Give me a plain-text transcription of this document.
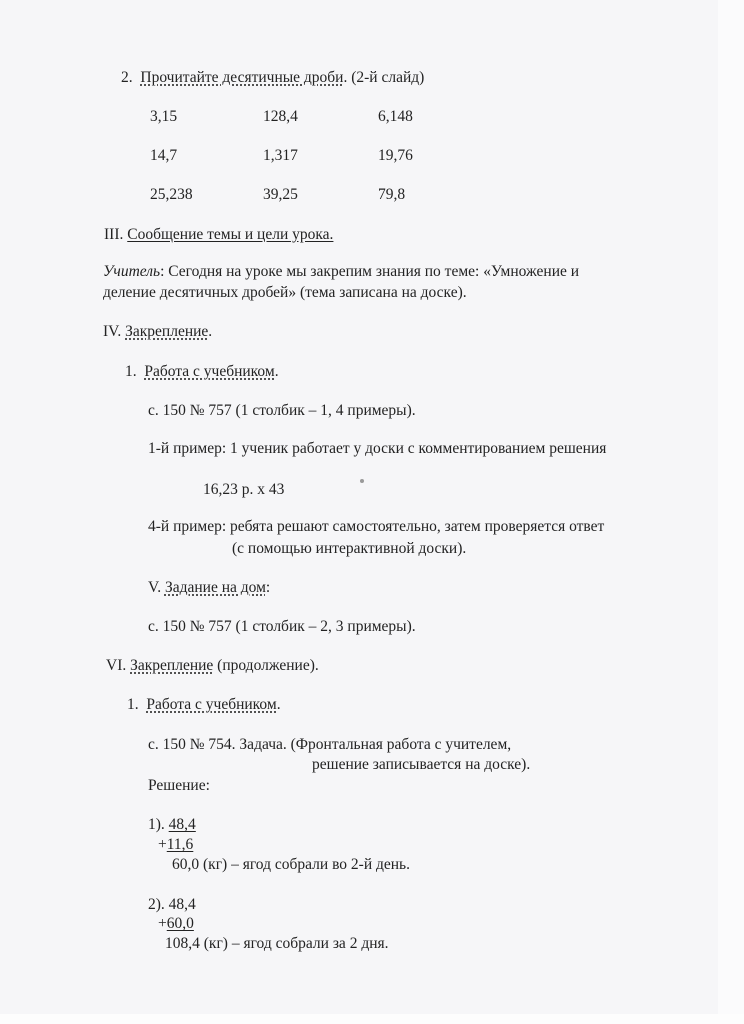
2. Прочитайте десятичные дроби. (2-й слайд)
3,15	128,4	6,148
14,7	1,317	19,76
25,238	39,25	79,8
III. Сообщение темы и цели урока.
Учитель: Сегодня на уроке мы закрепим знания по теме: «Умножение и
деление десятичных дробей» (тема записана на доске).
IV. Закрепление.
1. Работа с учебником.
с. 150 № 757 (1 столбик – 1, 4 примеры).
1-й пример: 1 ученик работает у доски с комментированием решения
16,23 р. x 43
4-й пример: ребята решают самостоятельно, затем проверяется ответ
(с помощью интерактивной доски).
V. Задание на дом:
с. 150 № 757 (1 столбик – 2, 3 примеры).
VI. Закрепление (продолжение).
1. Работа с учебником.
с. 150 № 754. Задача. (Фронтальная работа с учителем,
решение записывается на доске).
Решение:
1). 48,4
+11,6
60,0 (кг) – ягод собрали во 2-й день.
2). 48,4
+60,0
108,4 (кг) – ягод собрали за 2 дня.
